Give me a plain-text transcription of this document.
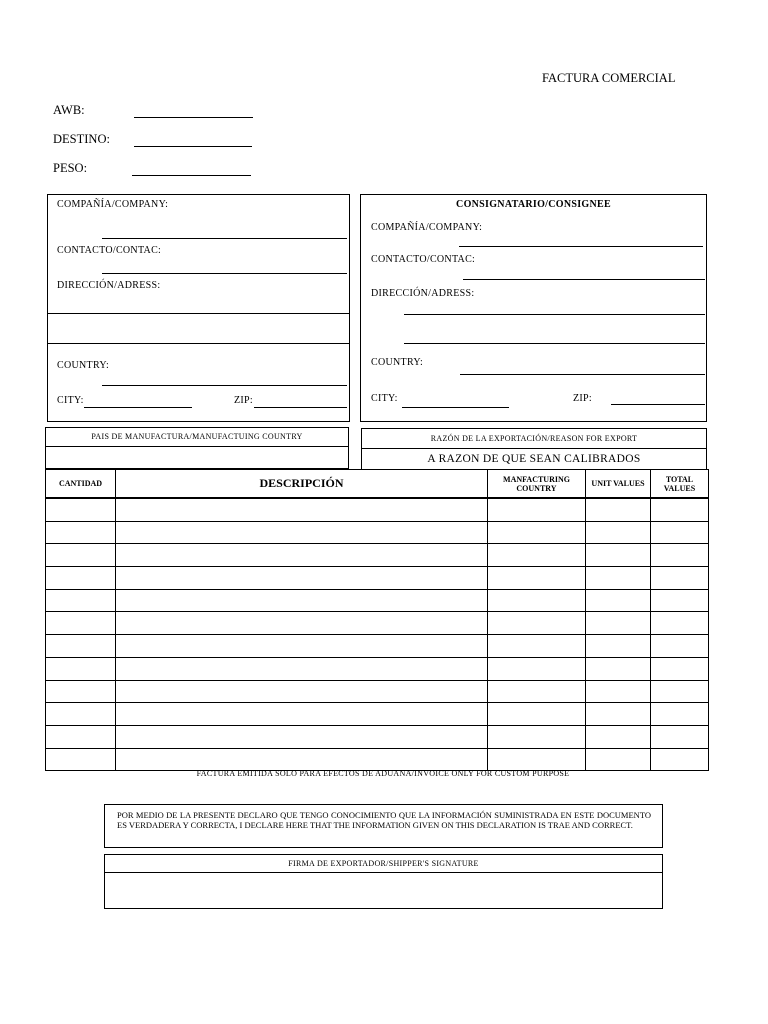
FACTURA COMERCIAL
AWB:
DESTINO:
PESO:
COMPAÑÍA/COMPANY:
CONTACTO/CONTAC:
DIRECCIÓN/ADRESS:
COUNTRY:
CITY:	ZIP:
CONSIGNATARIO/CONSIGNEE
COMPAÑÍA/COMPANY:
CONTACTO/CONTAC:
DIRECCIÓN/ADRESS:
COUNTRY:
CITY:	ZIP:
PAIS DE MANUFACTURA/MANUFACTUING COUNTRY	RAZÓN DE LA EXPORTACIÓN/REASON FOR EXPORT
A RAZON DE QUE SEAN CALIBRADOS
CANTIDAD	DESCRIPCIÓN	MANFACTURING COUNTRY	UNIT VALUES	TOTAL VALUES

FACTURA EMITIDA SOLO PARA EFECTOS DE ADUANA/INVOICE ONLY FOR CUSTOM PURPOSE
POR MEDIO DE LA PRESENTE DECLARO QUE TENGO CONOCIMIENTO QUE LA INFORMACIÓN SUMINISTRADA EN ESTE DOCUMENTO ES VERDADERA Y CORRECTA, I DECLARE HERE THAT THE INFORMATION GIVEN ON THIS DECLARATION IS TRAE AND CORRECT.
FIRMA DE EXPORTADOR/SHIPPER'S SIGNATURE
